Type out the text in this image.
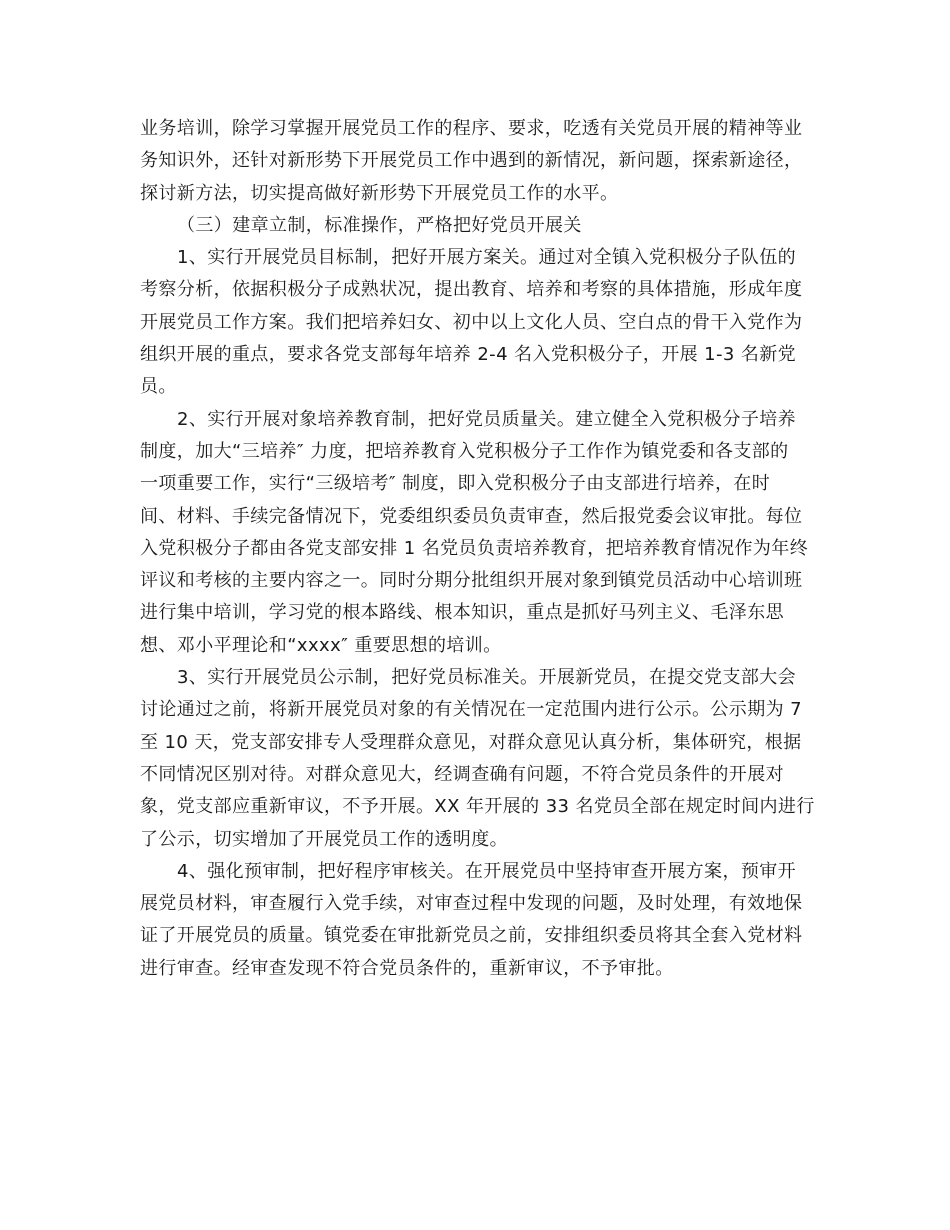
业务培训，除学习掌握开展党员工作的程序、要求，吃透有关党员开展的精神等业
务知识外，还针对新形势下开展党员工作中遇到的新情况，新问题，探索新途径，
探讨新方法，切实提高做好新形势下开展党员工作的水平。
（三）建章立制，标准操作，严格把好党员开展关
1、实行开展党员目标制，把好开展方案关。通过对全镇入党积极分子队伍的
考察分析，依据积极分子成熟状况，提出教育、培养和考察的具体措施，形成年度
开展党员工作方案。我们把培养妇女、初中以上文化人员、空白点的骨干入党作为
组织开展的重点，要求各党支部每年培养 2-4 名入党积极分子，开展 1-3 名新党
员。
2、实行开展对象培养教育制，把好党员质量关。建立健全入党积极分子培养
制度，加大“三培养″ 力度，把培养教育入党积极分子工作作为镇党委和各支部的
一项重要工作，实行“三级培考″ 制度，即入党积极分子由支部进行培养，在时
间、材料、手续完备情况下，党委组织委员负责审查，然后报党委会议审批。每位
入党积极分子都由各党支部安排 1 名党员负责培养教育，把培养教育情况作为年终
评议和考核的主要内容之一。同时分期分批组织开展对象到镇党员活动中心培训班
进行集中培训，学习党的根本路线、根本知识，重点是抓好马列主义、毛泽东思
想、邓小平理论和“xxxx″ 重要思想的培训。
3、实行开展党员公示制，把好党员标准关。开展新党员，在提交党支部大会
讨论通过之前，将新开展党员对象的有关情况在一定范围内进行公示。公示期为 7
至 10 天，党支部安排专人受理群众意见，对群众意见认真分析，集体研究，根据
不同情况区别对待。对群众意见大，经调查确有问题，不符合党员条件的开展对
象，党支部应重新审议，不予开展。XX 年开展的 33 名党员全部在规定时间内进行
了公示，切实增加了开展党员工作的透明度。
4、强化预审制，把好程序审核关。在开展党员中坚持审查开展方案，预审开
展党员材料，审查履行入党手续，对审查过程中发现的问题，及时处理，有效地保
证了开展党员的质量。镇党委在审批新党员之前，安排组织委员将其全套入党材料
进行审查。经审查发现不符合党员条件的，重新审议，不予审批。
